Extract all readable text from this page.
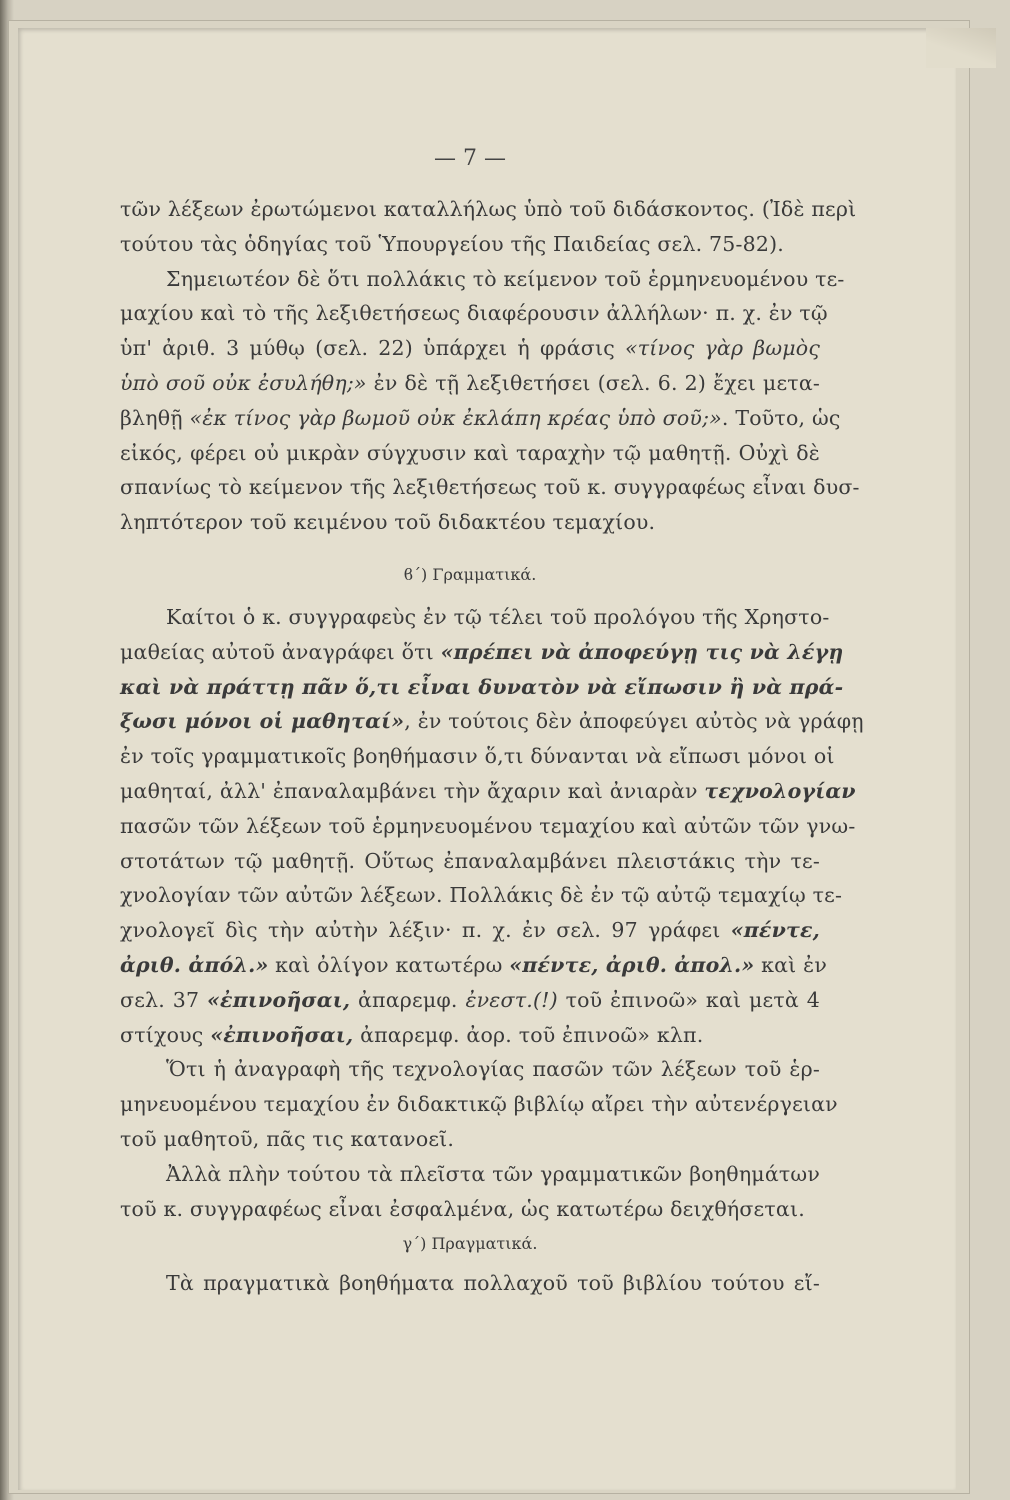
— 7 —
τῶν λέξεων ἐρωτώμενοι καταλλήλως ὑπὸ τοῦ διδάσκοντος. (Ἰδὲ περὶ
τούτου τὰς ὁδηγίας τοῦ Ὑπουργείου τῆς Παιδείας σελ. 75-82).
Σημειωτέον δὲ ὅτι πολλάκις τὸ κείμενον τοῦ ἑρμηνευομένου τε-
μαχίου καὶ τὸ τῆς λεξιθετήσεως διαφέρουσιν ἀλλήλων· π. χ. ἐν τῷ
ὑπ' ἀριθ. 3 μύθῳ (σελ. 22) ὑπάρχει ἡ φράσις «τίνος γὰρ βωμὸς
ὑπὸ σοῦ οὐκ ἐσυλήθη;» ἐν δὲ τῇ λεξιθετήσει (σελ. 6. 2) ἔχει μετα-
βληθῇ «ἐκ τίνος γὰρ βωμοῦ οὐκ ἐκλάπη κρέας ὑπὸ σοῦ;». Τοῦτο, ὡς
εἰκός, φέρει οὐ μικρὰν σύγχυσιν καὶ ταραχὴν τῷ μαθητῇ. Οὐχὶ δὲ
σπανίως τὸ κείμενον τῆς λεξιθετήσεως τοῦ κ. συγγραφέως εἶναι δυσ-
ληπτότερον τοῦ κειμένου τοῦ διδακτέου τεμαχίου.
ϐ΄) Γραμματικά.
Καίτοι ὁ κ. συγγραφεὺς ἐν τῷ τέλει τοῦ προλόγου τῆς Χρηστο-
μαθείας αὐτοῦ ἀναγράφει ὅτι «πρέπει νὰ ἀποφεύγῃ τις νὰ λέγῃ
καὶ νὰ πράττῃ πᾶν ὅ,τι εἶναι δυνατὸν νὰ εἴπωσιν ἢ νὰ πρά-
ξωσι μόνοι οἱ μαθηταί», ἐν τούτοις δὲν ἀποφεύγει αὐτὸς νὰ γράφῃ
ἐν τοῖς γραμματικοῖς βοηθήμασιν ὅ,τι δύνανται νὰ εἴπωσι μόνοι οἱ
μαθηταί, ἀλλ' ἐπαναλαμβάνει τὴν ἄχαριν καὶ ἀνιαρὰν τεχνολογίαν
πασῶν τῶν λέξεων τοῦ ἑρμηνευομένου τεμαχίου καὶ αὐτῶν τῶν γνω-
στοτάτων τῷ μαθητῇ. Οὕτως ἐπαναλαμβάνει πλειστάκις τὴν τε-
χνολογίαν τῶν αὐτῶν λέξεων. Πολλάκις δὲ ἐν τῷ αὐτῷ τεμαχίῳ τε-
χνολογεῖ δὶς τὴν αὐτὴν λέξιν· π. χ. ἐν σελ. 97 γράφει «πέντε,
ἀριθ. ἀπόλ.» καὶ ὀλίγον κατωτέρω «πέντε, ἀριθ. ἀπολ.» καὶ ἐν
σελ. 37 «ἐπινοῆσαι, ἀπαρεμφ. ἐνεστ.(!) τοῦ ἐπινοῶ» καὶ μετὰ 4
στίχους «ἐπινοῆσαι, ἀπαρεμφ. ἀορ. τοῦ ἐπινοῶ» κλπ.
Ὅτι ἡ ἀναγραφὴ τῆς τεχνολογίας πασῶν τῶν λέξεων τοῦ ἑρ-
μηνευομένου τεμαχίου ἐν διδακτικῷ βιβλίῳ αἴρει τὴν αὐτενέργειαν
τοῦ μαθητοῦ, πᾶς τις κατανοεῖ.
Ἀλλὰ πλὴν τούτου τὰ πλεῖστα τῶν γραμματικῶν βοηθημάτων
τοῦ κ. συγγραφέως εἶναι ἐσφαλμένα, ὡς κατωτέρω δειχθήσεται.
γ΄) Πραγματικά.
Τὰ πραγματικὰ βοηθήματα πολλαχοῦ τοῦ βιβλίου τούτου εἴ-
